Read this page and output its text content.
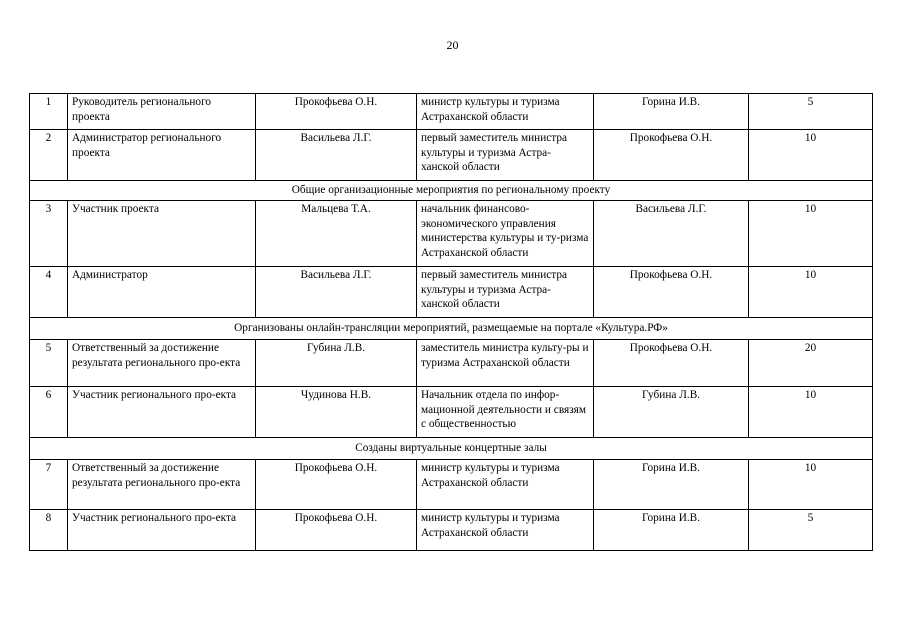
20
1	Руководитель регионального проекта	Прокофьева О.Н.	министр культуры и туризма Астраханской области	Горина И.В.	5
2	Администратор регионального проекта	Васильева Л.Г.	первый заместитель министра культуры и туризма Астра-ханской области	Прокофьева О.Н.	10
Общие организационные мероприятия по региональному проекту					
3	Участник проекта	Мальцева Т.А.	начальник финансово-экономического управления министерства культуры и ту-ризма Астраханской области	Васильева Л.Г.	10
4	Администратор	Васильева Л.Г.	первый заместитель министра культуры и туризма Астра-ханской области	Прокофьева О.Н.	10
Организованы онлайн-трансляции мероприятий, размещаемые на портале «Культура.РФ»					
5	Ответственный за достижение результата регионального про-екта	Губина Л.В.	заместитель министра культу-ры и туризма Астраханской области	Прокофьева О.Н.	20
6	Участник регионального про-екта	Чудинова Н.В.	Начальник отдела по инфор-мационной деятельности и связям с общественностью	Губина Л.В.	10
Созданы виртуальные концертные залы					
7	Ответственный за достижение результата регионального про-екта	Прокофьева О.Н.	министр культуры и туризма Астраханской области	Горина И.В.	10
8	Участник регионального про-екта	Прокофьева О.Н.	министр культуры и туризма Астраханской области	Горина И.В.	5
